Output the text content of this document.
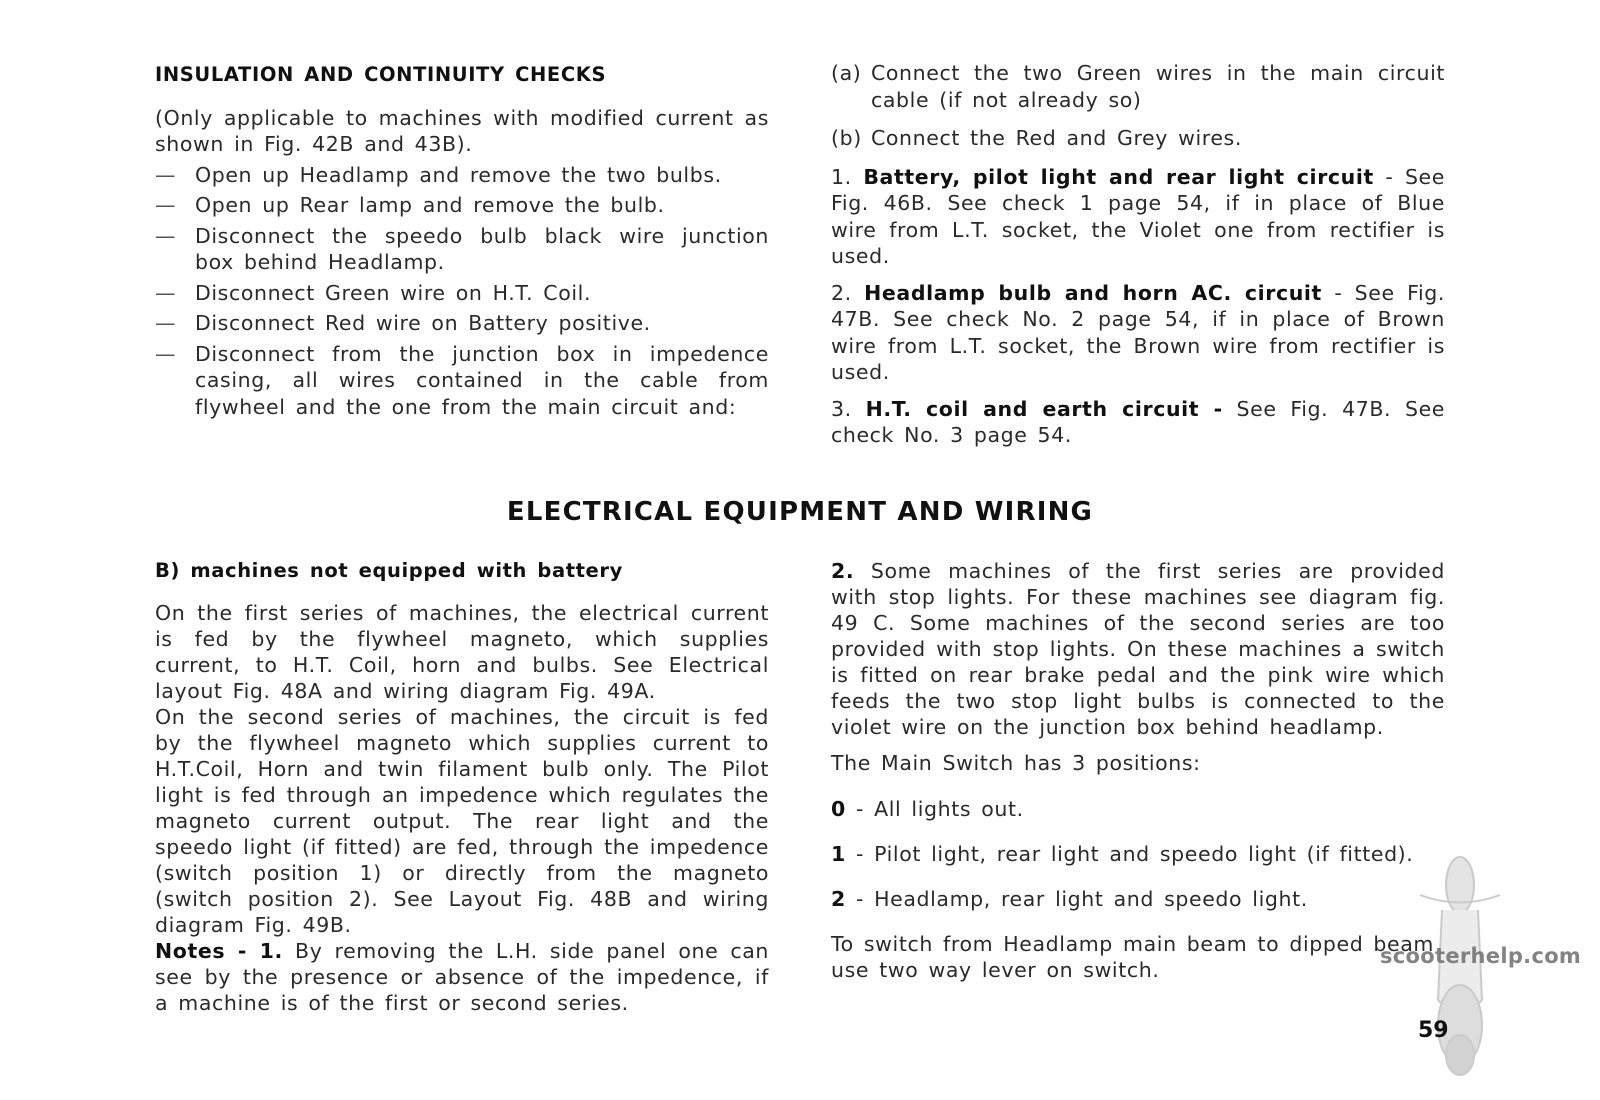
INSULATION AND CONTINUITY CHECKS

(Only applicable to machines with modified current as shown in Fig. 42B and 43B).

— Open up Headlamp and remove the two bulbs.
— Open up Rear lamp and remove the bulb.
— Disconnect the speedo bulb black wire junction box behind Headlamp.
— Disconnect Green wire on H.T. Coil.
— Disconnect Red wire on Battery positive.
— Disconnect from the junction box in impedence casing, all wires contained in the cable from flywheel and the one from the main circuit and:
(a) Connect the two Green wires in the main circuit cable (if not already so)
(b) Connect the Red and Grey wires.

1. Battery, pilot light and rear light circuit - See Fig. 46B. See check 1 page 54, if in place of Blue wire from L.T. socket, the Violet one from rectifier is used.

2. Headlamp bulb and horn AC. circuit - See Fig. 47B. See check No. 2 page 54, if in place of Brown wire from L.T. socket, the Brown wire from rectifier is used.

3. H.T. coil and earth circuit - See Fig. 47B. See check No. 3 page 54.

ELECTRICAL EQUIPMENT AND WIRING
B) machines not equipped with battery

On the first series of machines, the electrical current is fed by the flywheel magneto, which supplies current, to H.T. Coil, horn and bulbs. See Electrical layout Fig. 48A and wiring diagram Fig. 49A.

On the second series of machines, the circuit is fed by the flywheel magneto which supplies current to H.T.Coil, Horn and twin filament bulb only. The Pilot light is fed through an impedence which regulates the magneto current output. The rear light and the speedo light (if fitted) are fed, through the impedence (switch position 1) or directly from the magneto (switch position 2). See Layout Fig. 48B and wiring diagram Fig. 49B.

Notes - 1. By removing the L.H. side panel one can see by the presence or absence of the impedence, if a machine is of the first or second series.

2. Some machines of the first series are provided with stop lights. For these machines see diagram fig. 49 C. Some machines of the second series are too provided with stop lights. On these machines a switch is fitted on rear brake pedal and the pink wire which feeds the two stop light bulbs is connected to the violet wire on the junction box behind headlamp.

The Main Switch has 3 positions:

0 - All lights out.
1 - Pilot light, rear light and speedo light (if fitted).
2 - Headlamp, rear light and speedo light.

To switch from Headlamp main beam to dipped beam use two way lever on switch.

scooterhelp.com
59
